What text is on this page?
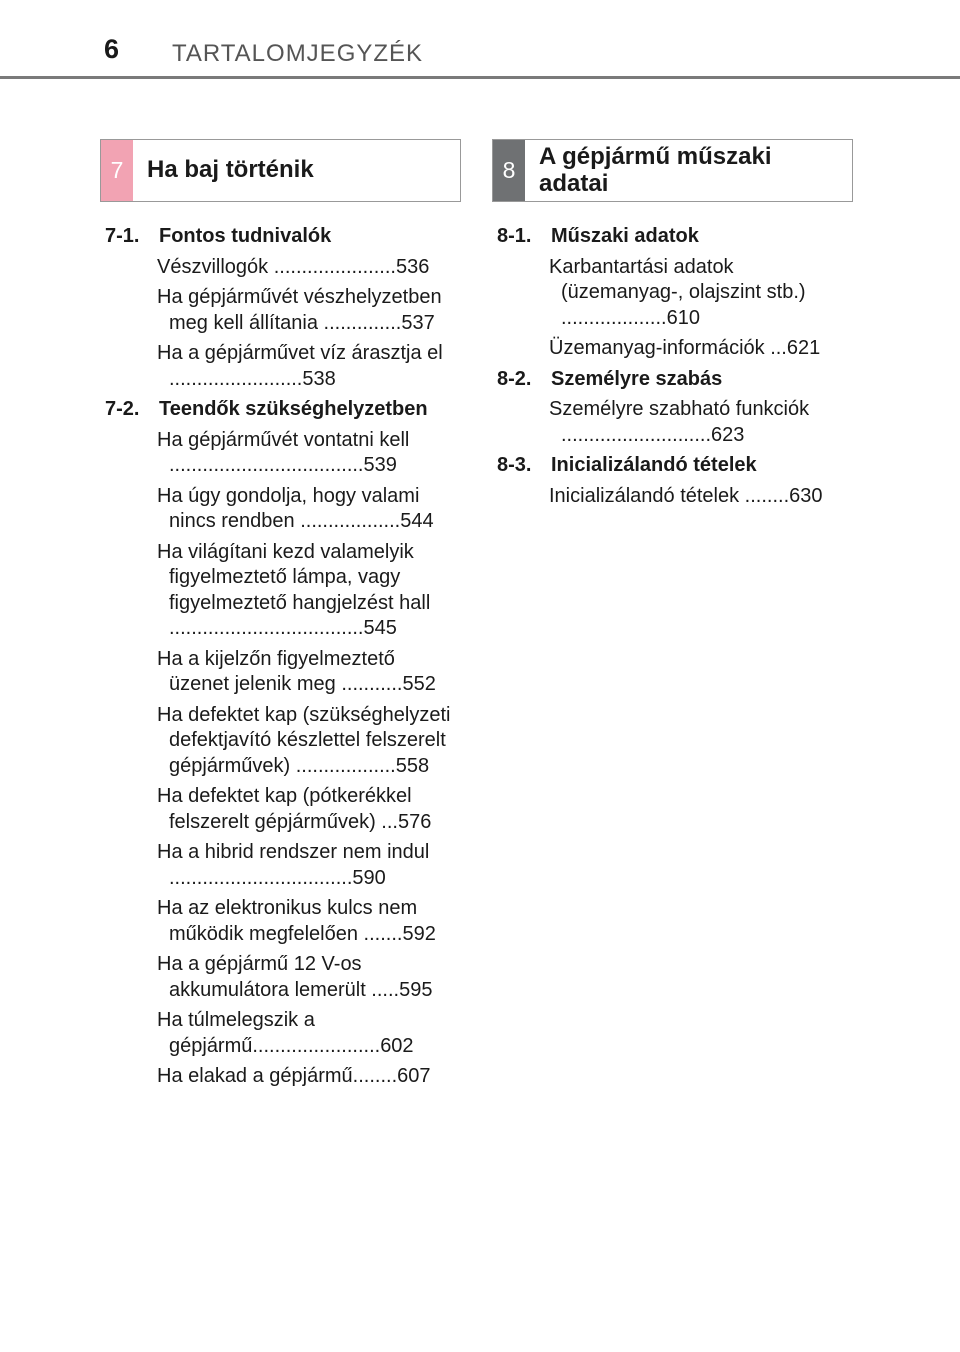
6 TARTALOMJEGYZÉK
7 Ha baj történik	8 A gépjármű műszaki adatai
7-1. Fontos tudnivalók
Vészvillogók ......................536
Ha gépjárművét vészhelyzetben meg kell állítania ..............537
Ha a gépjárművet víz árasztja el ........................538
7-2. Teendők szükséghelyzetben
Ha gépjárművét vontatni kell ...................................539
Ha úgy gondolja, hogy valami nincs rendben ..................544
Ha világítani kezd valamelyik figyelmeztető lámpa, vagy figyelmeztető hangjelzést hall ...................................545
Ha a kijelzőn figyelmeztető üzenet jelenik meg ...........552
Ha defektet kap (szükséghelyzeti defektjavító készlettel felszerelt gépjárművek) ..................558
Ha defektet kap (pótkerékkel felszerelt gépjárművek) ...576
Ha a hibrid rendszer nem indul .................................590
Ha az elektronikus kulcs nem működik megfelelően .......592
Ha a gépjármű 12 V-os akkumulátora lemerült .....595
Ha túlmelegszik a gépjármű.......................602
Ha elakad a gépjármű........607
8-1. Műszaki adatok
Karbantartási adatok (üzemanyag-, olajszint stb.) ...................610
Üzemanyag-információk ...621
8-2. Személyre szabás
Személyre szabható funkciók ...........................623
8-3. Inicializálandó tételek
Inicializálandó tételek ........630
